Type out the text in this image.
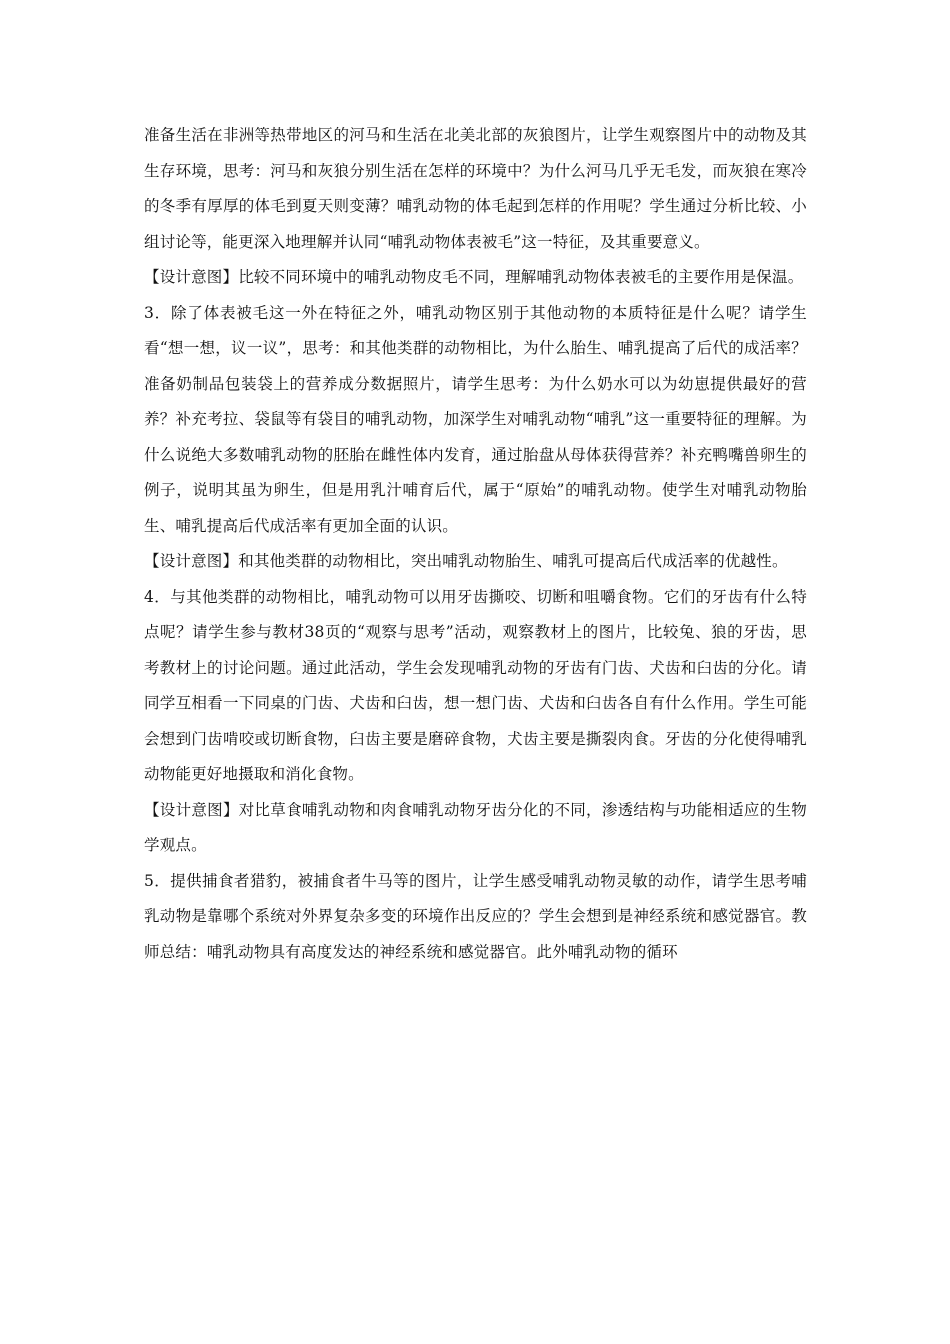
准备生活在非洲等热带地区的河马和生活在北美北部的灰狼图片，让学生观察图片中的动物及其生存环境，思考：河马和灰狼分别生活在怎样的环境中？为什么河马几乎无毛发，而灰狼在寒冷的冬季有厚厚的体毛到夏天则变薄？哺乳动物的体毛起到怎样的作用呢？学生通过分析比较、小组讨论等，能更深入地理解并认同“哺乳动物体表被毛”这一特征，及其重要意义。

【设计意图】比较不同环境中的哺乳动物皮毛不同，理解哺乳动物体表被毛的主要作用是保温。

3．除了体表被毛这一外在特征之外，哺乳动物区别于其他动物的本质特征是什么呢？请学生看“想一想，议一议”，思考：和其他类群的动物相比，为什么胎生、哺乳提高了后代的成活率？准备奶制品包装袋上的营养成分数据照片，请学生思考：为什么奶水可以为幼崽提供最好的营养？补充考拉、袋鼠等有袋目的哺乳动物，加深学生对哺乳动物“哺乳”这一重要特征的理解。为什么说绝大多数哺乳动物的胚胎在雌性体内发育，通过胎盘从母体获得营养？补充鸭嘴兽卵生的例子，说明其虽为卵生，但是用乳汁哺育后代，属于“原始”的哺乳动物。使学生对哺乳动物胎生、哺乳提高后代成活率有更加全面的认识。

【设计意图】和其他类群的动物相比，突出哺乳动物胎生、哺乳可提高后代成活率的优越性。

4．与其他类群的动物相比，哺乳动物可以用牙齿撕咬、切断和咀嚼食物。它们的牙齿有什么特点呢？请学生参与教材38页的“观察与思考”活动，观察教材上的图片，比较兔、狼的牙齿，思考教材上的讨论问题。通过此活动，学生会发现哺乳动物的牙齿有门齿、犬齿和臼齿的分化。请同学互相看一下同桌的门齿、犬齿和臼齿，想一想门齿、犬齿和臼齿各自有什么作用。学生可能会想到门齿啃咬或切断食物，臼齿主要是磨碎食物，犬齿主要是撕裂肉食。牙齿的分化使得哺乳动物能更好地摄取和消化食物。

【设计意图】对比草食哺乳动物和肉食哺乳动物牙齿分化的不同，渗透结构与功能相适应的生物学观点。

5．提供捕食者猎豹，被捕食者牛马等的图片，让学生感受哺乳动物灵敏的动作，请学生思考哺乳动物是靠哪个系统对外界复杂多变的环境作出反应的？学生会想到是神经系统和感觉器官。教师总结：哺乳动物具有高度发达的神经系统和感觉器官。此外哺乳动物的循环
